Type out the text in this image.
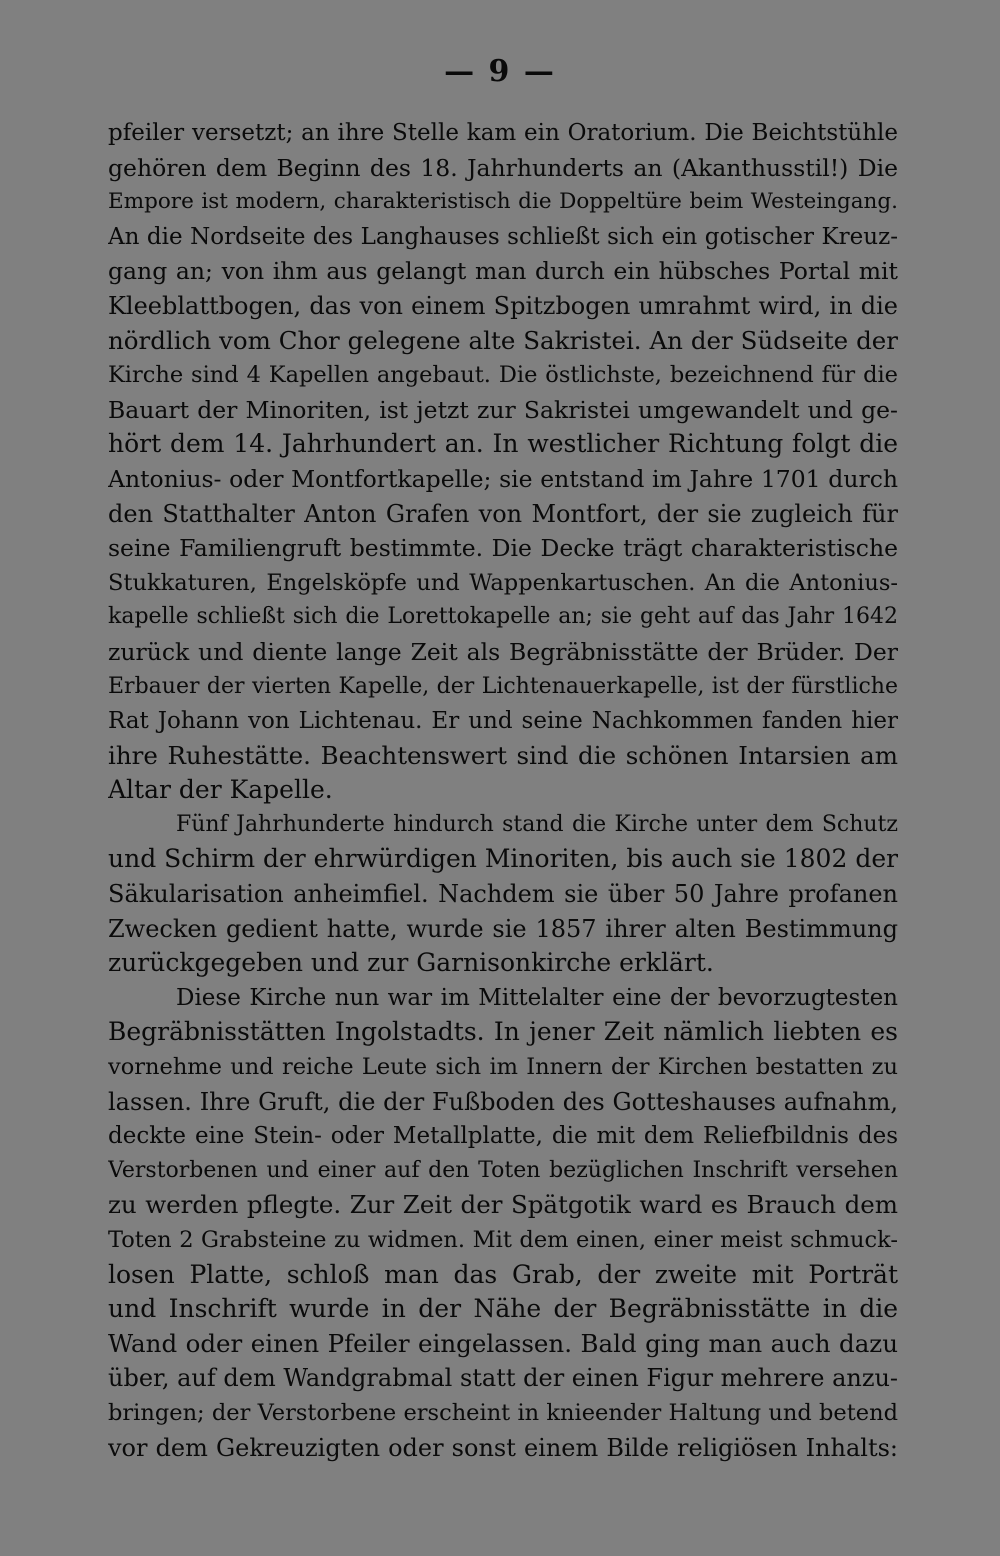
— 9 —
pfeiler versetzt; an ihre Stelle kam ein Oratorium. Die Beichtstühle
gehören dem Beginn des 18. Jahrhunderts an (Akanthusstil!) Die
Empore ist modern, charakteristisch die Doppeltüre beim Westeingang.
An die Nordseite des Langhauses schließt sich ein gotischer Kreuz-
gang an; von ihm aus gelangt man durch ein hübsches Portal mit
Kleeblattbogen, das von einem Spitzbogen umrahmt wird, in die
nördlich vom Chor gelegene alte Sakristei. An der Südseite der
Kirche sind 4 Kapellen angebaut. Die östlichste, bezeichnend für die
Bauart der Minoriten, ist jetzt zur Sakristei umgewandelt und ge-
hört dem 14. Jahrhundert an. In westlicher Richtung folgt die
Antonius- oder Montfortkapelle; sie entstand im Jahre 1701 durch
den Statthalter Anton Grafen von Montfort, der sie zugleich für
seine Familiengruft bestimmte. Die Decke trägt charakteristische
Stukkaturen, Engelsköpfe und Wappenkartuschen. An die Antonius-
kapelle schließt sich die Lorettokapelle an; sie geht auf das Jahr 1642
zurück und diente lange Zeit als Begräbnisstätte der Brüder. Der
Erbauer der vierten Kapelle, der Lichtenauerkapelle, ist der fürstliche
Rat Johann von Lichtenau. Er und seine Nachkommen fanden hier
ihre Ruhestätte. Beachtenswert sind die schönen Intarsien am
Altar der Kapelle.
Fünf Jahrhunderte hindurch stand die Kirche unter dem Schutz
und Schirm der ehrwürdigen Minoriten, bis auch sie 1802 der
Säkularisation anheimfiel. Nachdem sie über 50 Jahre profanen
Zwecken gedient hatte, wurde sie 1857 ihrer alten Bestimmung
zurückgegeben und zur Garnisonkirche erklärt.
Diese Kirche nun war im Mittelalter eine der bevorzugtesten
Begräbnisstätten Ingolstadts. In jener Zeit nämlich liebten es
vornehme und reiche Leute sich im Innern der Kirchen bestatten zu
lassen. Ihre Gruft, die der Fußboden des Gotteshauses aufnahm,
deckte eine Stein- oder Metallplatte, die mit dem Reliefbildnis des
Verstorbenen und einer auf den Toten bezüglichen Inschrift versehen
zu werden pflegte. Zur Zeit der Spätgotik ward es Brauch dem
Toten 2 Grabsteine zu widmen. Mit dem einen, einer meist schmuck-
losen Platte, schloß man das Grab, der zweite mit Porträt
und Inschrift wurde in der Nähe der Begräbnisstätte in die
Wand oder einen Pfeiler eingelassen. Bald ging man auch dazu
über, auf dem Wandgrabmal statt der einen Figur mehrere anzu-
bringen; der Verstorbene erscheint in knieender Haltung und betend
vor dem Gekreuzigten oder sonst einem Bilde religiösen Inhalts:
